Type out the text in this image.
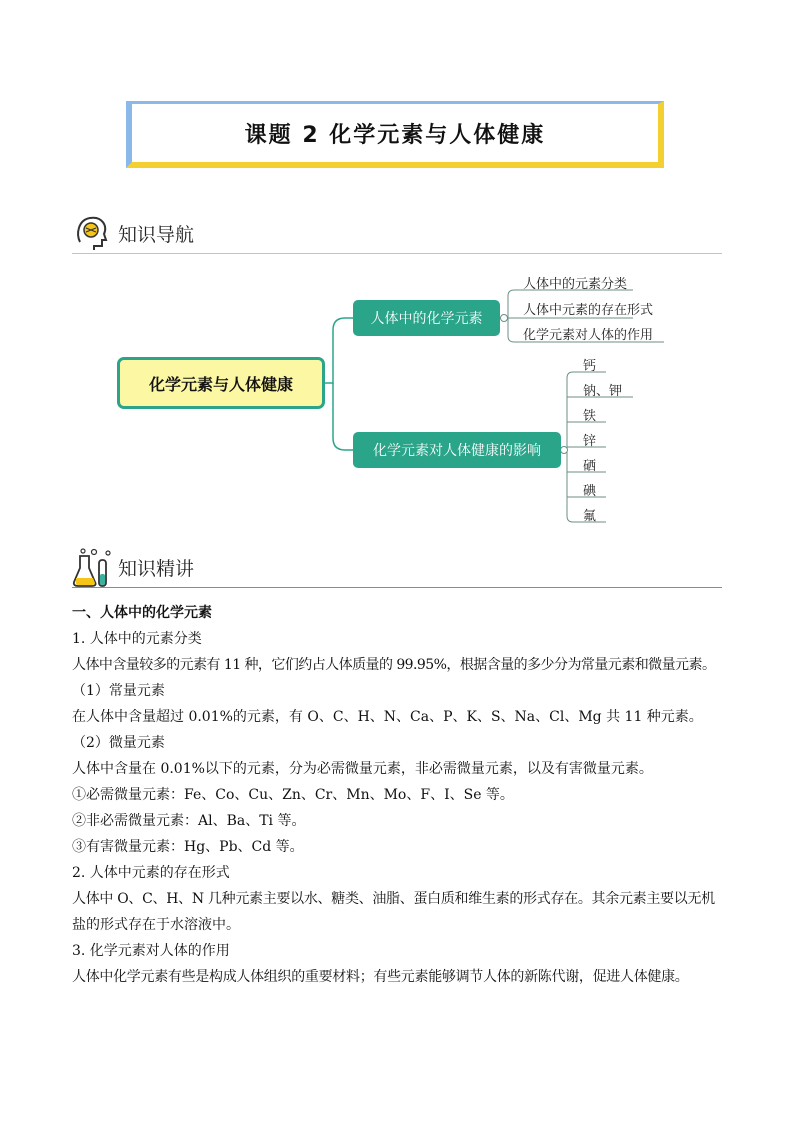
课题 2 化学元素与人体健康
知识导航
化学元素与人体健康
人体中的化学元素
化学元素对人体健康的影响
人体中的元素分类
人体中元素的存在形式
化学元素对人体的作用
钙
钠、钾
铁
锌
硒
碘
氟
知识精讲
一、人体中的化学元素
1. 人体中的元素分类
人体中含量较多的元素有 11 种，它们约占人体质量的 99.95%，根据含量的多少分为常量元素和微量元素。
（1）常量元素
在人体中含量超过 0.01%的元素，有 O、C、H、N、Ca、P、K、S、Na、Cl、Mg 共 11 种元素。
（2）微量元素
人体中含量在 0.01%以下的元素，分为必需微量元素，非必需微量元素，以及有害微量元素。
①必需微量元素：Fe、Co、Cu、Zn、Cr、Mn、Mo、F、I、Se 等。
②非必需微量元素：Al、Ba、Ti 等。
③有害微量元素：Hg、Pb、Cd 等。
2. 人体中元素的存在形式
人体中 O、C、H、N 几种元素主要以水、糖类、油脂、蛋白质和维生素的形式存在。其余元素主要以无机
盐的形式存在于水溶液中。
3. 化学元素对人体的作用
人体中化学元素有些是构成人体组织的重要材料；有些元素能够调节人体的新陈代谢，促进人体健康。
